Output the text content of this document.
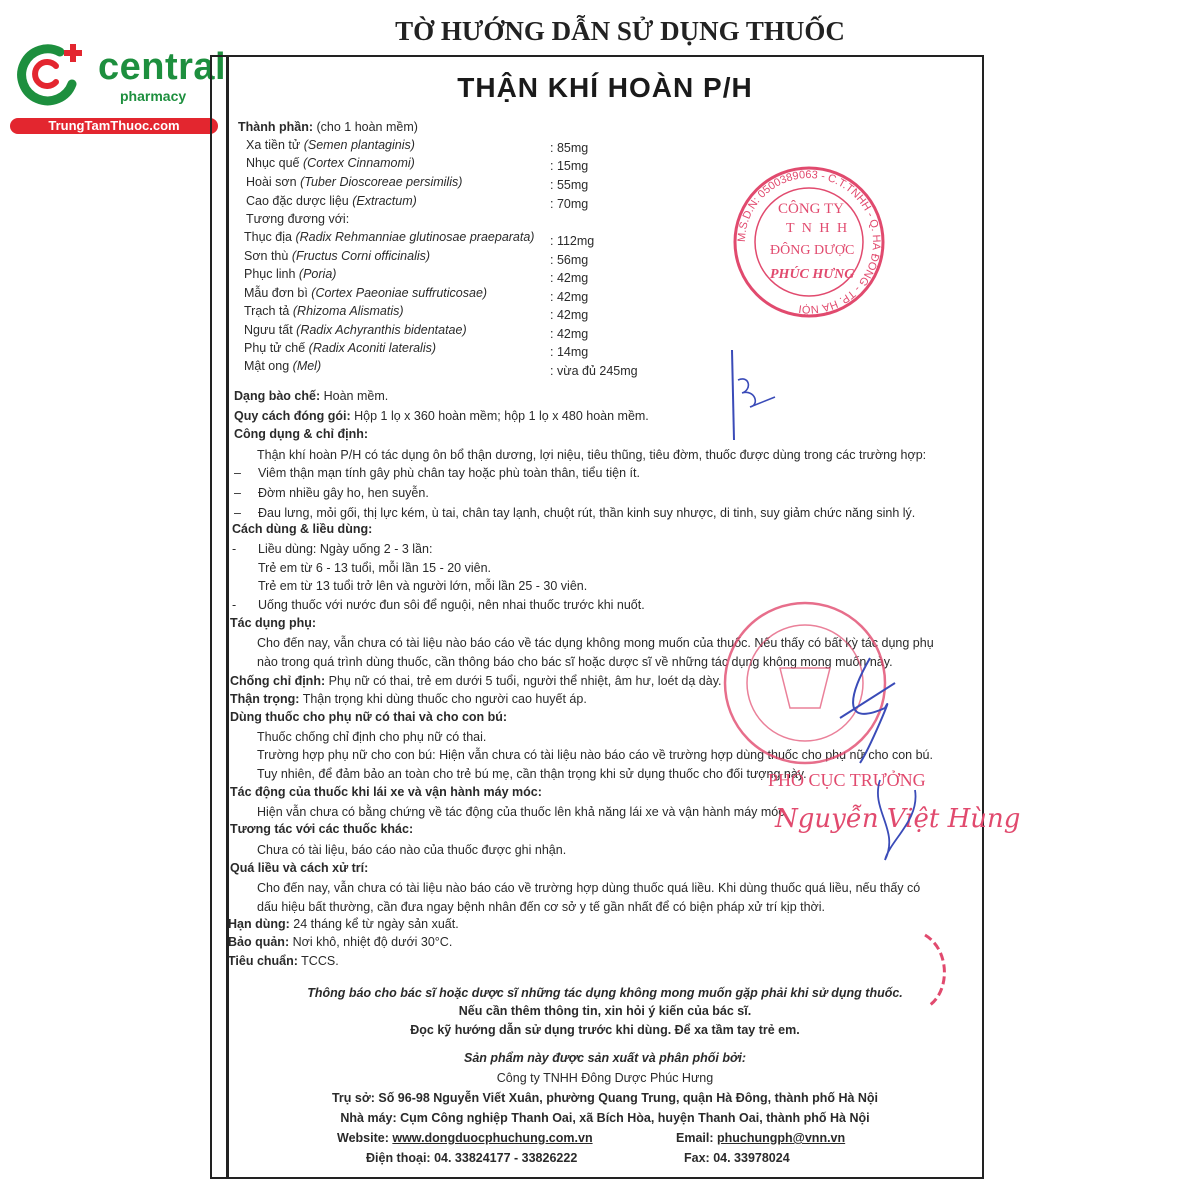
central
pharmacy
TrungTamThuoc.com
TỜ HƯỚNG DẪN SỬ DỤNG THUỐC
THẬN KHÍ HOÀN P/H
Thành phần: (cho 1 hoàn mềm)
Xa tiền tử (Semen plantaginis)	: 85mg
Nhục quế (Cortex Cinnamomi)	: 15mg
Hoài sơn (Tuber Dioscoreae persimilis)	: 55mg
Cao đặc dược liệu (Extractum)	: 70mg
Tương đương với:
Thục địa (Radix Rehmanniae glutinosae praeparata) : 112mg
Sơn thù (Fructus Corni officinalis)	: 56mg
Phục linh (Poria)	: 42mg
Mẫu đơn bì (Cortex Paeoniae suffruticosae)	: 42mg
Trạch tả (Rhizoma Alismatis)	: 42mg
Ngưu tất (Radix Achyranthis bidentatae)	: 42mg
Phụ tử chế (Radix Aconiti lateralis)	: 14mg
Mật ong (Mel)	: vừa đủ 245mg
Dạng bào chế: Hoàn mềm.
Quy cách đóng gói: Hộp 1 lọ x 360 hoàn mềm; hộp 1 lọ x 480 hoàn mềm.
Công dụng & chỉ định:
Thận khí hoàn P/H có tác dụng ôn bổ thận dương, lợi niệu, tiêu thũng, tiêu đờm, thuốc được dùng trong các trường hợp:
– Viêm thận mạn tính gây phù chân tay hoặc phù toàn thân, tiểu tiện ít.
– Đờm nhiều gây ho, hen suyễn.
– Đau lưng, mỏi gối, thị lực kém, ù tai, chân tay lạnh, chuột rút, thần kinh suy nhược, di tinh, suy giảm chức năng sinh lý.
Cách dùng & liều dùng:
- Liều dùng: Ngày uống 2 - 3 lần:
Trẻ em từ 6 - 13 tuổi, mỗi lần 15 - 20 viên.
Trẻ em từ 13 tuổi trở lên và người lớn, mỗi lần 25 - 30 viên.
- Uống thuốc với nước đun sôi để nguội, nên nhai thuốc trước khi nuốt.
Tác dụng phụ:
Cho đến nay, vẫn chưa có tài liệu nào báo cáo về tác dụng không mong muốn của thuốc. Nếu thấy có bất kỳ tác dụng phụ
nào trong quá trình dùng thuốc, cần thông báo cho bác sĩ hoặc dược sĩ về những tác dụng không mong muốn này.
Chống chỉ định: Phụ nữ có thai, trẻ em dưới 5 tuổi, người thể nhiệt, âm hư, loét dạ dày.
Thận trọng: Thận trọng khi dùng thuốc cho người cao huyết áp.
Dùng thuốc cho phụ nữ có thai và cho con bú:
Thuốc chống chỉ định cho phụ nữ có thai.
Trường hợp phụ nữ cho con bú: Hiện vẫn chưa có tài liệu nào báo cáo về trường hợp dùng thuốc cho phụ nữ cho con bú.
Tuy nhiên, để đảm bảo an toàn cho trẻ bú mẹ, cần thận trọng khi sử dụng thuốc cho đối tượng này.
Tác động của thuốc khi lái xe và vận hành máy móc:
Hiện vẫn chưa có bằng chứng về tác động của thuốc lên khả năng lái xe và vận hành máy móc.
Tương tác với các thuốc khác:
Chưa có tài liệu, báo cáo nào của thuốc được ghi nhận.
Quá liều và cách xử trí:
Cho đến nay, vẫn chưa có tài liệu nào báo cáo về trường hợp dùng thuốc quá liều. Khi dùng thuốc quá liều, nếu thấy có
dấu hiệu bất thường, cần đưa ngay bệnh nhân đến cơ sở y tế gần nhất để có biện pháp xử trí kịp thời.
Hạn dùng: 24 tháng kể từ ngày sản xuất.
Bảo quản: Nơi khô, nhiệt độ dưới 30°C.
Tiêu chuẩn: TCCS.
Thông báo cho bác sĩ hoặc dược sĩ những tác dụng không mong muốn gặp phải khi sử dụng thuốc.
Nếu cần thêm thông tin, xin hỏi ý kiến của bác sĩ.
Đọc kỹ hướng dẫn sử dụng trước khi dùng. Để xa tầm tay trẻ em.
Sản phẩm này được sản xuất và phân phối bởi:
Công ty TNHH Đông Dược Phúc Hưng
Trụ sở: Số 96-98 Nguyễn Viết Xuân, phường Quang Trung, quận Hà Đông, thành phố Hà Nội
Nhà máy: Cụm Công nghiệp Thanh Oai, xã Bích Hòa, huyện Thanh Oai, thành phố Hà Nội
Website: www.dongduocphuchung.com.vn	Email: phuchungph@vnn.vn
Điện thoại: 04. 33824177 - 33826222	Fax: 04. 33978024
M.S.D.N: 0500389063 - C.T.TNHH - Q. HÀ ĐÔNG - TP. HÀ NỘI
CÔNG TY
T N H H
ĐÔNG DƯỢC
PHÚC HƯNG
PHÓ CỤC TRƯỞNG
Nguyễn Việt Hùng
